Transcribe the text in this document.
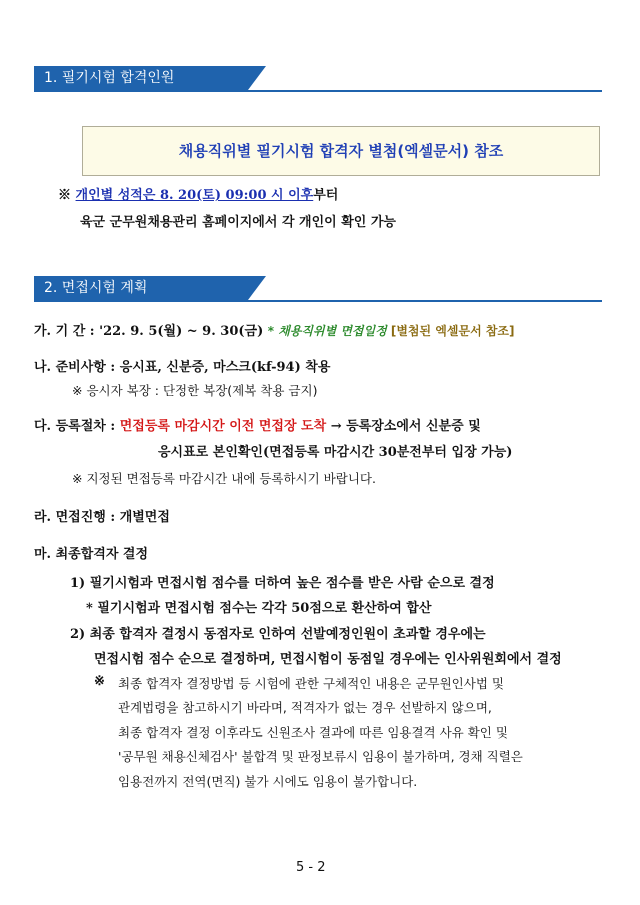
1. 필기시험 합격인원
채용직위별 필기시험 합격자 별첨(엑셀문서) 참조
※ 개인별 성적은 8. 20(토) 09:00 시 이후부터
육군 군무원채용관리 홈페이지에서 각 개인이 확인 가능
2. 면접시험 계획
가. 기 간 : '22. 9. 5(월) ~ 9. 30(금) * 채용직위별 면접일정 [별첨된 엑셀문서 참조]
나. 준비사항 : 응시표, 신분증, 마스크(kf-94) 착용
※ 응시자 복장 : 단정한 복장(제복 착용 금지)
다. 등록절차 : 면접등록 마감시간 이전 면접장 도착 → 등록장소에서 신분증 및
응시표로 본인확인(면접등록 마감시간 30분전부터 입장 가능)
※ 지정된 면접등록 마감시간 내에 등록하시기 바랍니다.
라. 면접진행 : 개별면접
마. 최종합격자 결정
1) 필기시험과 면접시험 점수를 더하여 높은 점수를 받은 사람 순으로 결정
* 필기시험과 면접시험 점수는 각각 50점으로 환산하여 합산
2) 최종 합격자 결정시 동점자로 인하여 선발예정인원이 초과할 경우에는
면접시험 점수 순으로 결정하며, 면접시험이 동점일 경우에는 인사위원회에서 결정
※ 최종 합격자 결정방법 등 시험에 관한 구체적인 내용은 군무원인사법 및
관계법령을 참고하시기 바라며, 적격자가 없는 경우 선발하지 않으며,
최종 합격자 결정 이후라도 신원조사 결과에 따른 임용결격 사유 확인 및
'공무원 채용신체검사' 불합격 및 판정보류시 임용이 불가하며, 경채 직렬은
임용전까지 전역(면직) 불가 시에도 임용이 불가합니다.
5 - 2
